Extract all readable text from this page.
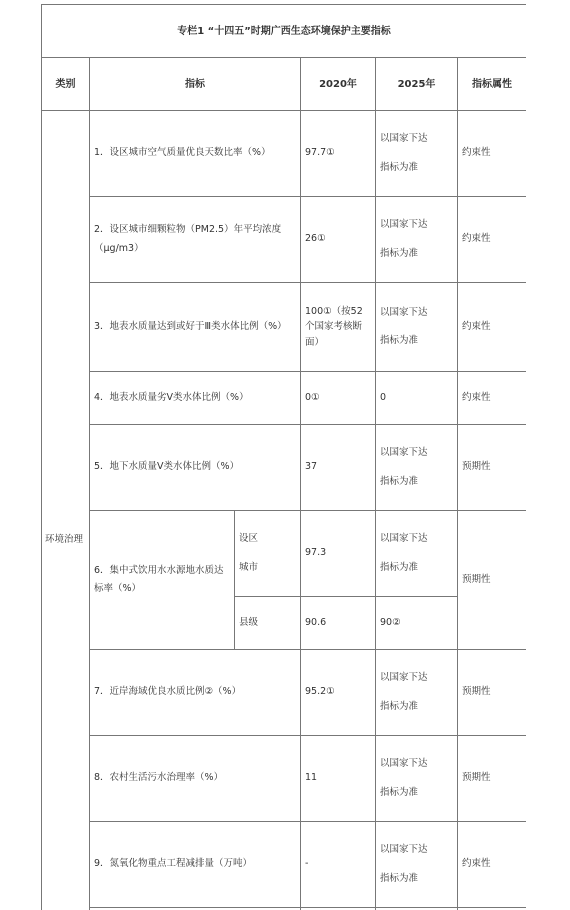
专栏1 “十四五”时期广西生态环境保护主要指标					
类别	指标		2020年	2025年	指标属性
环境治理	1．设区城市空气质量优良天数比率（%）		97.7①	以国家下达
指标为准	约束性
	2．设区城市细颗粒物（PM2.5）年平均浓度（μg/m3）		26①	以国家下达
指标为准	约束性
	3．地表水质量达到或好于Ⅲ类水体比例（%）		100①（按52个国家考核断面）	以国家下达
指标为准	约束性
	4．地表水质量劣Ⅴ类水体比例（%）		0①	0	约束性
	5．地下水质量Ⅴ类水体比例（%）		37	以国家下达
指标为准	预期性
	6．集中式饮用水水源地水质达标率（%）	设区
城市	97.3	以国家下达
指标为准	预期性
		县级	90.6	90②	
	7．近岸海域优良水质比例②（%）		95.2①	以国家下达
指标为准	预期性
	8．农村生活污水治理率（%）		11	以国家下达
指标为准	预期性
	9．氮氧化物重点工程减排量（万吨）		-	以国家下达
指标为准	约束性
